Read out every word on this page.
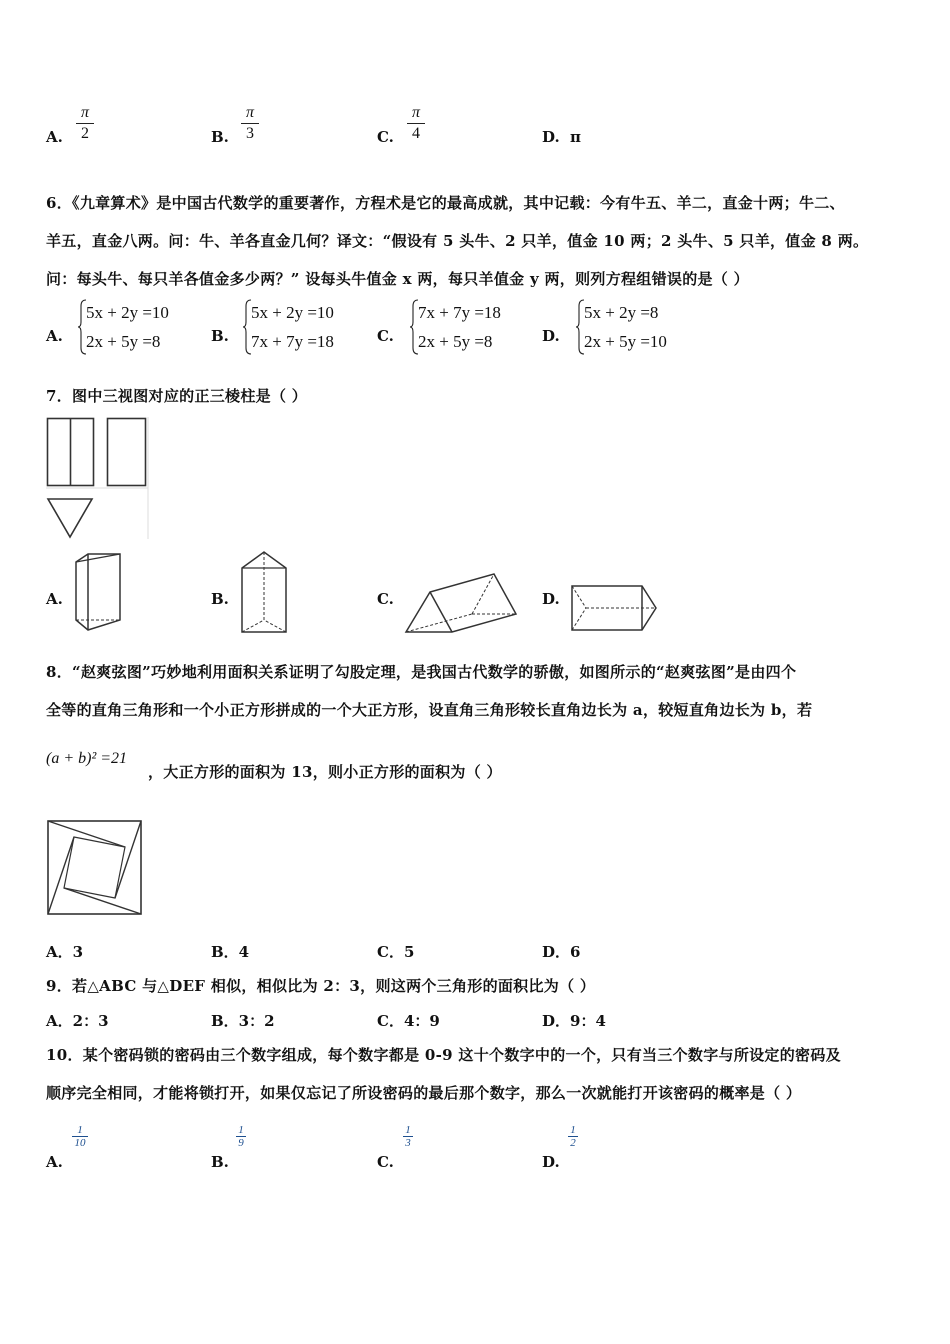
A.
π
2	B.
π
3	C.
π
4	D. π
6．《九章算术》是中国古代数学的重要著作，方程术是它的最高成就，其中记载：今有牛五、羊二，直金十两；牛二、
羊五，直金八两。问：牛、羊各直金几何？译文：“假设有 5 头牛、2 只羊，值金 10 两；2 头牛、5 只羊，值金 8 两。
问：每头牛、每只羊各值金多少两？” 设每头牛值金 x 两，每只羊值金 y 两，则列方程组错误的是（ ）
A.
5x + 2y =10
2x + 5y =8	B.
5x + 2y =10
7x + 7y =18	C.
7x + 7y =18
2x + 5y =8	D.
5x + 2y =8
2x + 5y =10
7．图中三视图对应的正三棱柱是（ ）
A.	B.	C.	D.
8．“赵爽弦图”巧妙地利用面积关系证明了勾股定理，是我国古代数学的骄傲，如图所示的“赵爽弦图”是由四个
全等的直角三角形和一个小正方形拼成的一个大正方形，设直角三角形较长直角边长为 a，较短直角边长为 b，若
(a + b)² =21
，大正方形的面积为 13，则小正方形的面积为（ ）
A．3	B．4	C．5	D．6
9．若△ABC 与△DEF 相似，相似比为 2：3，则这两个三角形的面积比为（ ）
A．2：3	B．3：2	C．4：9	D．9：4
10．某个密码锁的密码由三个数字组成，每个数字都是 0-9 这十个数字中的一个，只有当三个数字与所设定的密码及
顺序完全相同，才能将锁打开，如果仅忘记了所设密码的最后那个数字，那么一次就能打开该密码的概率是（ ）
A.
1
10
B.
1
9
C.
1
3
D.
1
2
